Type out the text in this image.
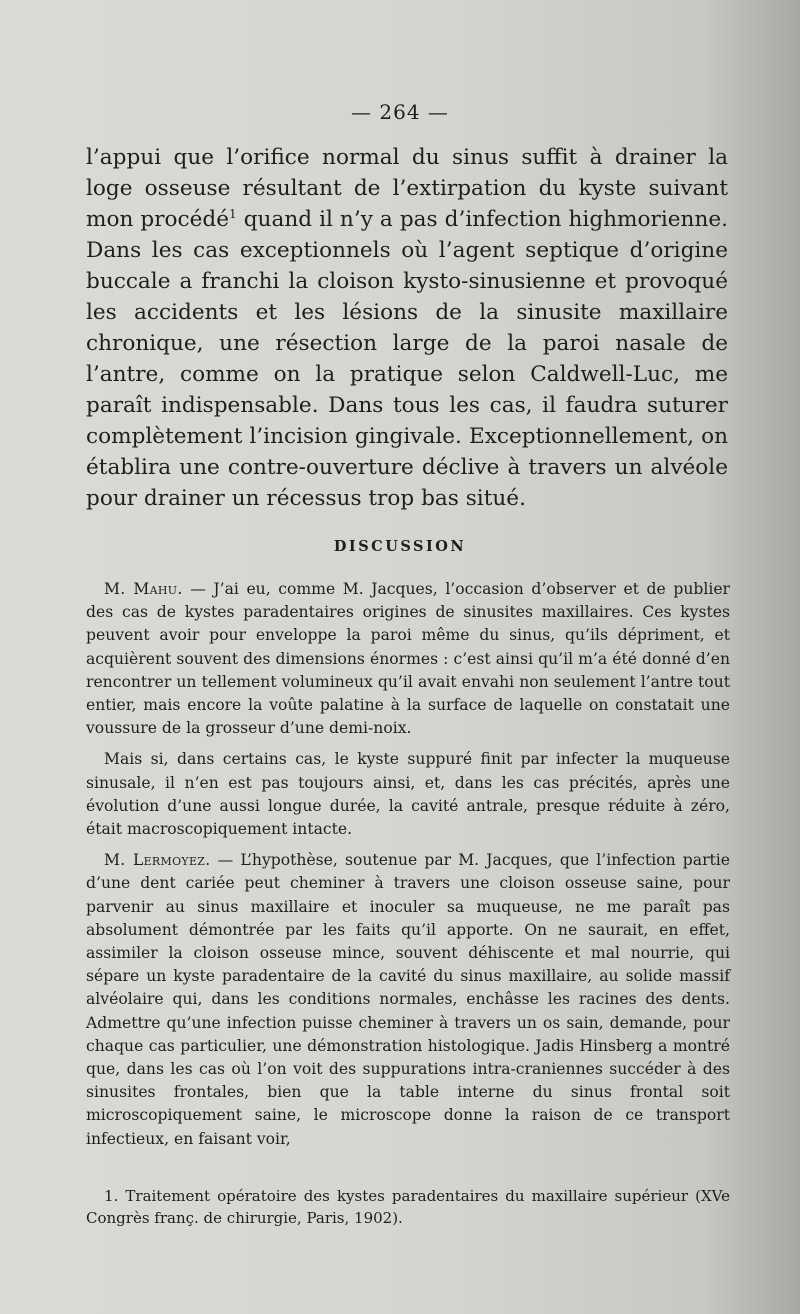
— 264 —

l’appui que l’orifice normal du sinus suffit à drainer la loge osseuse résultant de l’extirpation du kyste suivant mon procédé$^1$ quand il n’y a pas d’infection highmorienne. Dans les cas exceptionnels où l’agent septique d’origine buccale a franchi la cloison kysto-sinusienne et provoqué les accidents et les lésions de la sinusite maxillaire chronique, une résection large de la paroi nasale de l’antre, comme on la pratique selon Caldwell-Luc, me paraît indispensable. Dans tous les cas, il faudra suturer complètement l’incision gingivale. Exceptionnellement, on établira une contre-ouverture déclive à travers un alvéole pour drainer un récessus trop bas situé.

DISCUSSION

M. Mahu. — J’ai eu, comme M. Jacques, l’occasion d’observer et de publier des cas de kystes paradentaires origines de sinusites maxillaires. Ces kystes peuvent avoir pour enveloppe la paroi même du sinus, qu’ils dépriment, et acquièrent souvent des dimensions énormes : c’est ainsi qu’il m’a été donné d’en rencontrer un tellement volumineux qu’il avait envahi non seulement l’antre tout entier, mais encore la voûte palatine à la surface de laquelle on constatait une voussure de la grosseur d’une demi-noix.

Mais si, dans certains cas, le kyste suppuré finit par infecter la muqueuse sinusale, il n’en est pas toujours ainsi, et, dans les cas précités, après une évolution d’une aussi longue durée, la cavité antrale, presque réduite à zéro, était macroscopiquement intacte.

M. Lermoyez. — L’hypothèse, soutenue par M. Jacques, que l’infection partie d’une dent cariée peut cheminer à travers une cloison osseuse saine, pour parvenir au sinus maxillaire et inoculer sa muqueuse, ne me paraît pas absolument démontrée par les faits qu’il apporte. On ne saurait, en effet, assimiler la cloison osseuse mince, souvent déhiscente et mal nourrie, qui sépare un kyste paradentaire de la cavité du sinus maxillaire, au solide massif alvéolaire qui, dans les conditions normales, enchâsse les racines des dents. Admettre qu’une infection puisse cheminer à travers un os sain, demande, pour chaque cas particulier, une démonstration histologique. Jadis Hinsberg a montré que, dans les cas où l’on voit des suppurations intra-craniennes succéder à des sinusites frontales, bien que la table interne du sinus frontal soit microscopiquement saine, le microscope donne la raison de ce transport infectieux, en faisant voir,

1. Traitement opératoire des kystes paradentaires du maxillaire supérieur (XVe Congrès franç. de chirurgie, Paris, 1902).
